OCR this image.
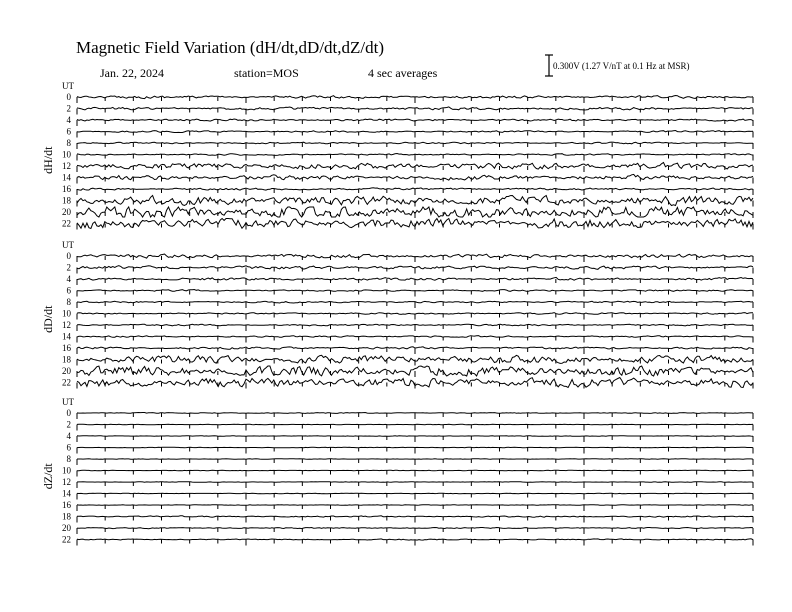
Magnetic Field Variation (dH/dt,dD/dt,dZ/dt)
Jan. 22, 2024	station=MOS	4 sec averages	0.300V (1.27 V/nT at 0.1 Hz at MSR)
UT
dH/dt
0
2
4
6
8
10
12
14
16
18
20
22
UT
dD/dt
0
2
4
6
8
10
12
14
16
18
20
22
UT
dZ/dt
0
2
4
6
8
10
12
14
16
18
20
22
